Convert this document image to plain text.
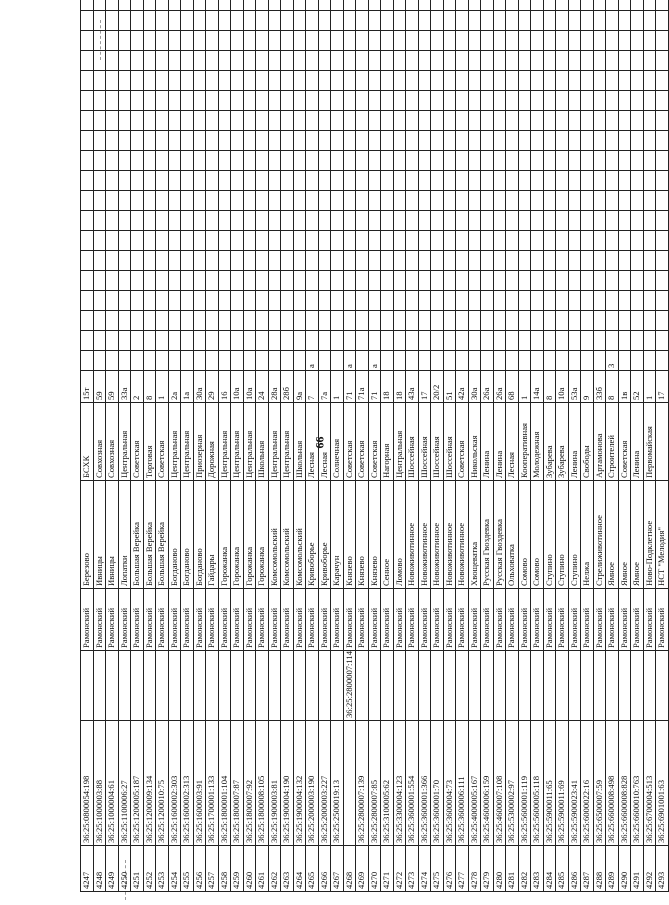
66
4247	36:25:0800054:198		Рамонский	Березово	БСХК	15т																			
4248	36:25:1000003:88		Рамонский	Ивницы	Совхозная	59																			
4249	36:25:1000004:61		Рамонский	Ивницы	Совхозная	59																			
4250	36:25:1100006:27		Рамонский	Лопатки	Центральная	33а																			
4251	36:25:1200005:187		Рамонский	Большая Верейка	Советская	2																			
4252	36:25:1200009:134		Рамонский	Большая Верейка	Торговая	8																			
4253	36:25:1200010:75		Рамонский	Большая Верейка	Советская	1																			
4254	36:25:1600002:303		Рамонский	Богданово	Центральная	2а																			
4255	36:25:1600002:313		Рамонский	Богданово	Центральная	1а																			
4256	36:25:1600003:91		Рамонский	Богданово	Приозерная	30а																			
4257	36:25:1700001:133		Рамонский	Гайдары	Дорожная	29																			
4258	36:25:1800001:104		Рамонский	Горожанка	Центральная	16																			
4259	36:25:1800007:87		Рамонский	Горожанка	Центральная	10а																			
4260	36:25:1800007:92		Рамонский	Горожанка	Центральная	10а																			
4261	36:25:1800008:105		Рамонский	Горожанка	Школьная	24																			
4262	36:25:1900003:81		Рамонский	Комсомольский	Центральная	28а																			
4263	36:25:1900004:190		Рамонский	Комсомольский	Центральная	28б																			
4264	36:25:1900004:132		Рамонский	Комсомольский	Школьная	9а																			
4265	36:25:2000003:190		Рамонский	Кривоборье	Лесная	7	а																		
4266	36:25:2000003:227		Рамонский	Кривоборье	Лесная	7а																			
4267	36:25:2500019:13		Рамонский	Карачун	Солнечная	1																			
4268		36:25:2800007:114	Рамонский	Князево	Советская	71	а																		
4269	36:25:2800007:139		Рамонский	Князево	Советская	71а																			
4270	36:25:2800007:85		Рамонский	Князево	Советская	71	а																		
4271	36:25:3100005:62		Рамонский	Сенное	Нагорная	18																			
4272	36:25:3300004:123		Рамонский	Ломово	Центральная	18																			
4273	36:25:3600001:554		Рамонский	Новоживотинное	Шоссейная	43а																			
4274	36:25:3600001:366		Рамонский	Новоживотинное	Шоссейная	17																			
4275	36:25:3600001:70		Рамонский	Новоживотинное	Шоссейная	20/2																			
4276	36:25:3600004:73		Рамонский	Новоживотинное	Шоссейная	51																			
4277	36:25:3600006:111		Рамонский	Новоживотинное	Советская	42а																			
4278	36:25:4000005:167		Рамонский	Хвощеватка	Никольская	30а																			
4279	36:25:4600006:159		Рамонский	Русская Гвоздевка	Ленина	26а																			
4280	36:25:4600007:108		Рамонский	Русская Гвоздевка	Ленина	26а																			
4281	36:25:5300002:97		Рамонский	Ольховатка	Лесная	68																			
4282	36:25:5600001:119		Рамонский	Сомово	Кооперативная	1																			
4283	36:25:5600005:118		Рамонский	Сомово	Молодежная	14а																			
4284	36:25:5900011:65		Рамонский	Ступино	Зубарева	8																			
4285	36:25:5900011:69		Рамонский	Ступино	Зубарева	10а																			
4286	36:25:5900023:41		Рамонский	Ступино	Ленина	53а																			
4287	36:25:6000022:16		Рамонский	Нелжа	Свободы	9																			
4288	36:25:6500007:59		Рамонский	Стрелиживотинное	Артамонова	33б																			
4289	36:25:6600008:498		Рамонский	Ямное	Строителей	8	3																		
4290	36:25:6600008:828		Рамонский	Ямное	Советская	1в																			
4291	36:25:6600010:763		Рамонский	Ямное	Ленина	52																			
4292	36:25:6700004:513		Рамонский	Ново-Подклетное	Первомайская	1																			
4293	36:25:6901001:63		Рамонский	НСТ "Мелодия"		17																			
